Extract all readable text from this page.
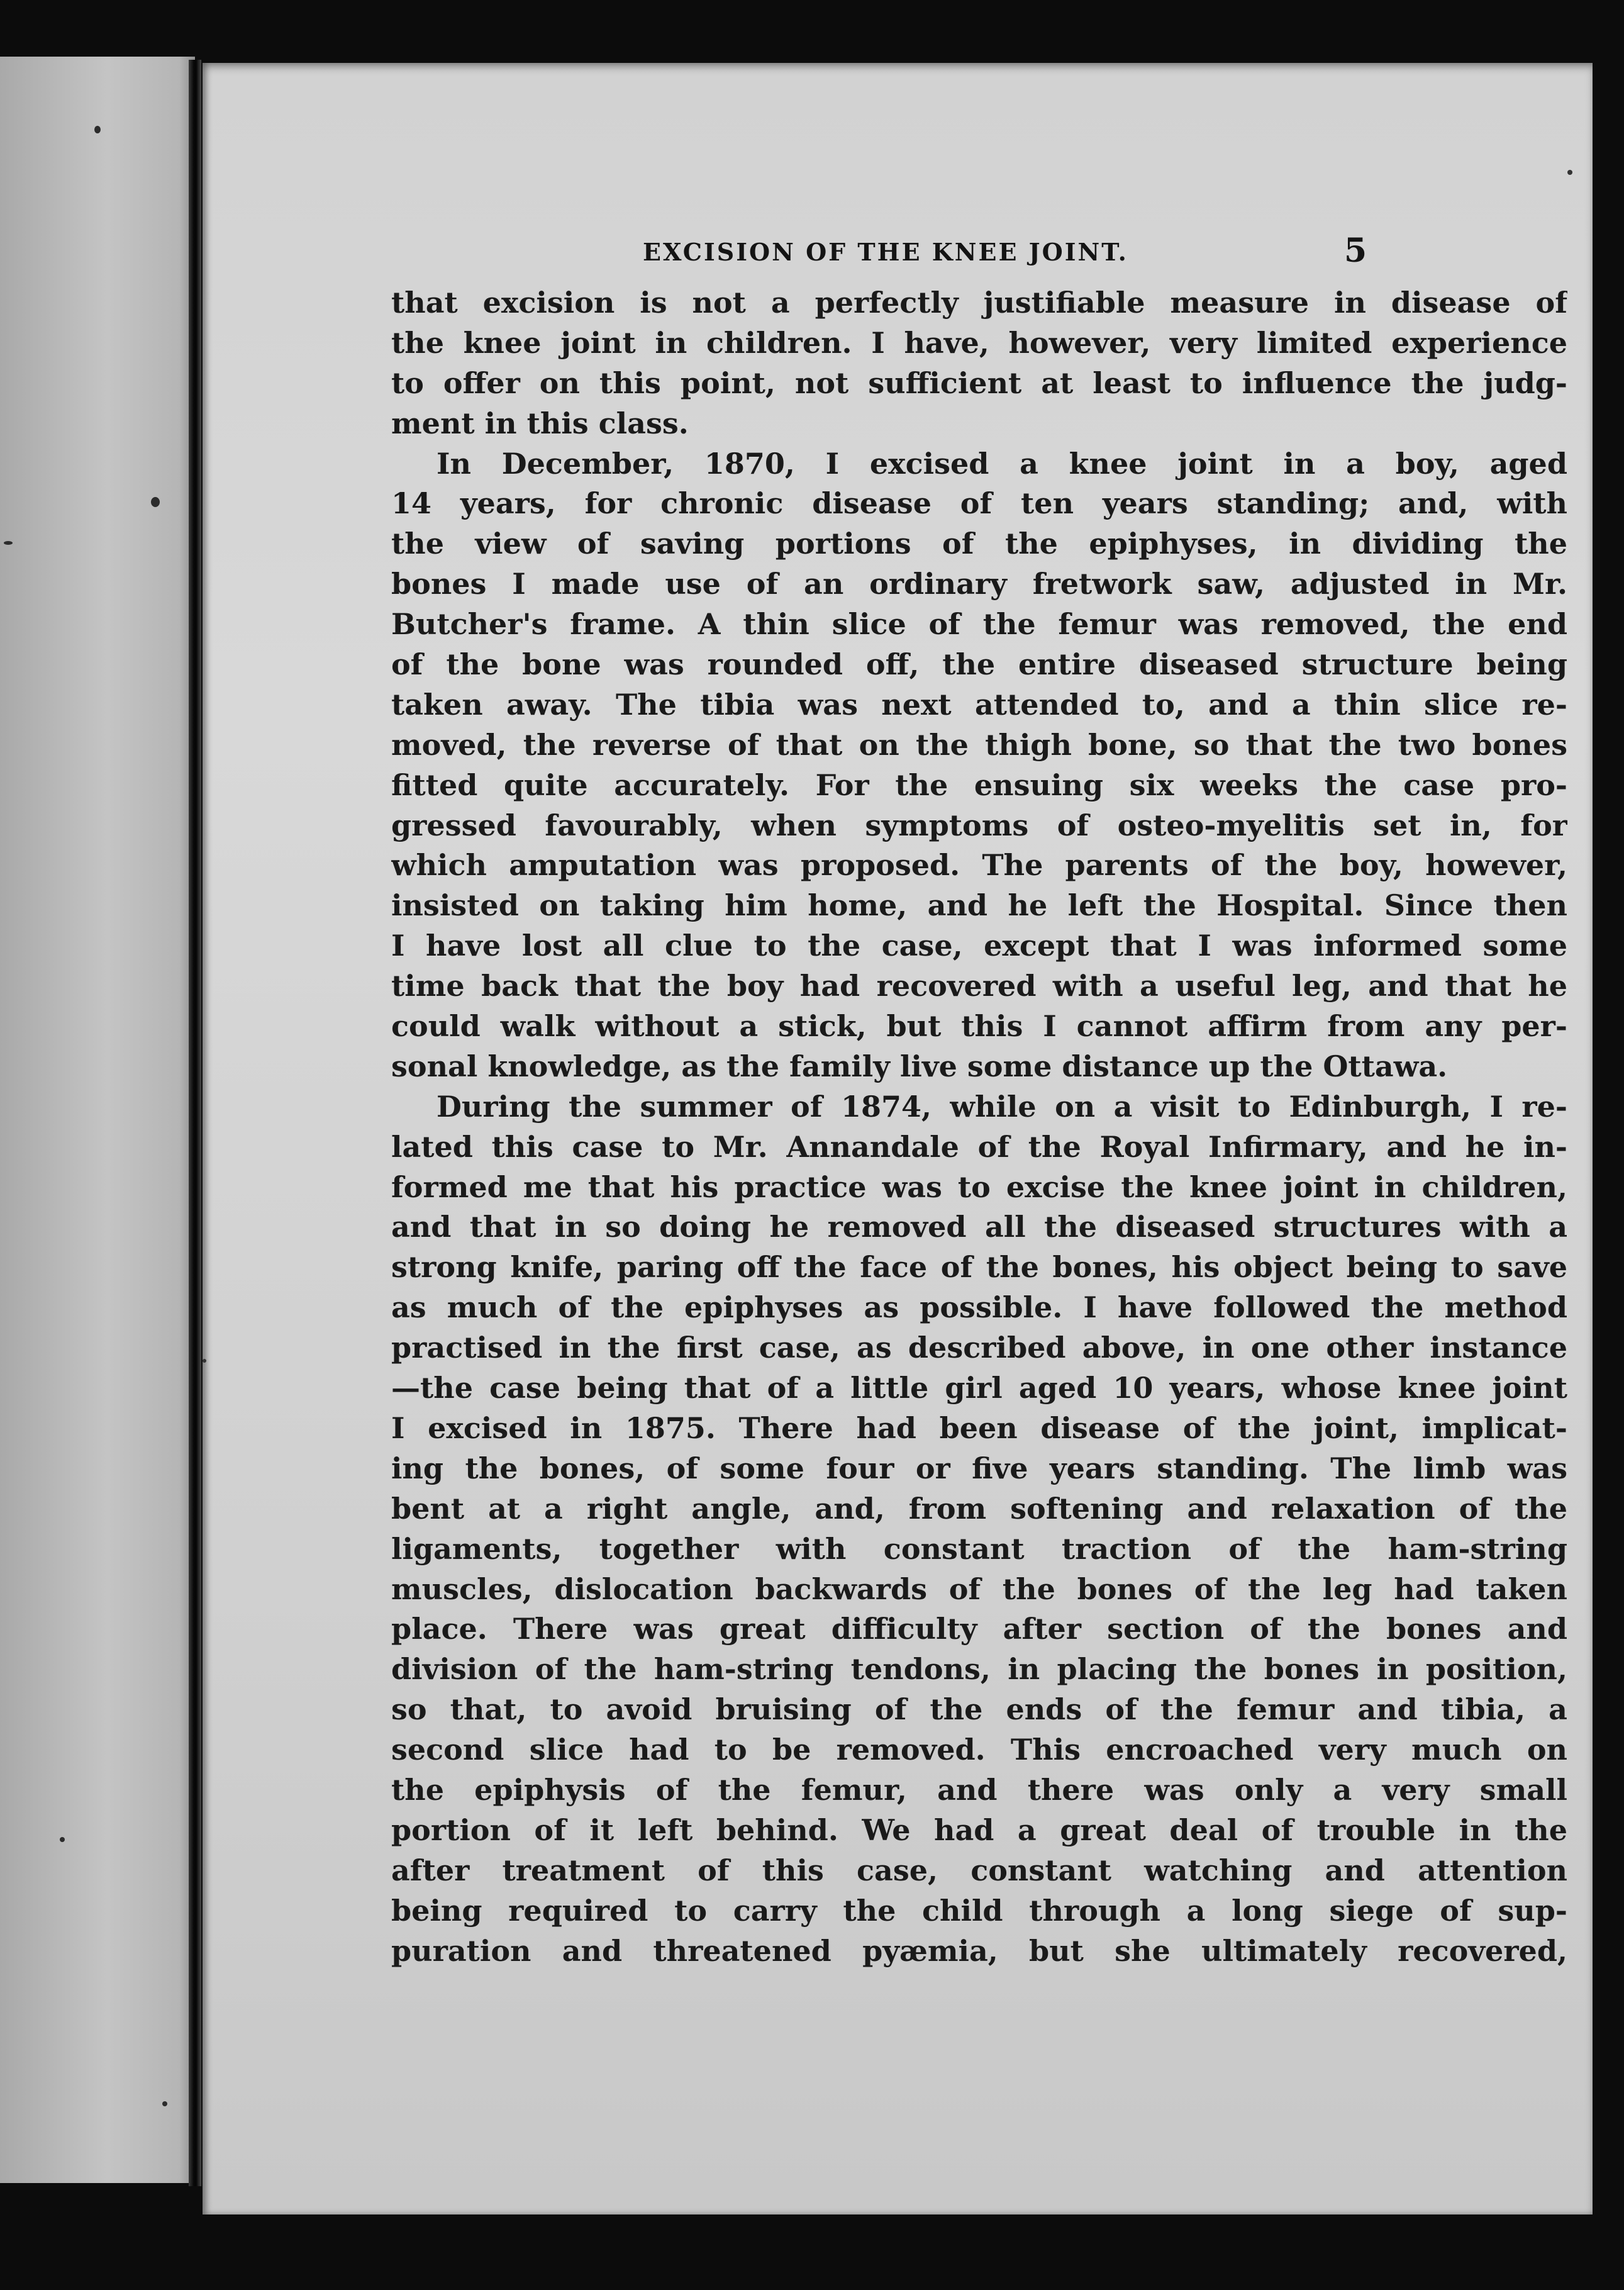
EXCISION OF THE KNEE JOINT.	5
that excision is not a perfectly justifiable measure in disease of
the knee joint in children. I have, however, very limited experience
to offer on this point, not sufficient at least to influence the judg-
ment in this class.
In December, 1870, I excised a knee joint in a boy, aged
14 years, for chronic disease of ten years standing; and, with
the view of saving portions of the epiphyses, in dividing the
bones I made use of an ordinary fretwork saw, adjusted in Mr.
Butcher's frame. A thin slice of the femur was removed, the end
of the bone was rounded off, the entire diseased structure being
taken away. The tibia was next attended to, and a thin slice re-
moved, the reverse of that on the thigh bone, so that the two bones
fitted quite accurately. For the ensuing six weeks the case pro-
gressed favourably, when symptoms of osteo-myelitis set in, for
which amputation was proposed. The parents of the boy, however,
insisted on taking him home, and he left the Hospital. Since then
I have lost all clue to the case, except that I was informed some
time back that the boy had recovered with a useful leg, and that he
could walk without a stick, but this I cannot affirm from any per-
sonal knowledge, as the family live some distance up the Ottawa.
During the summer of 1874, while on a visit to Edinburgh, I re-
lated this case to Mr. Annandale of the Royal Infirmary, and he in-
formed me that his practice was to excise the knee joint in children,
and that in so doing he removed all the diseased structures with a
strong knife, paring off the face of the bones, his object being to save
as much of the epiphyses as possible. I have followed the method
practised in the first case, as described above, in one other instance
—the case being that of a little girl aged 10 years, whose knee joint
I excised in 1875. There had been disease of the joint, implicat-
ing the bones, of some four or five years standing. The limb was
bent at a right angle, and, from softening and relaxation of the
ligaments, together with constant traction of the ham-string
muscles, dislocation backwards of the bones of the leg had taken
place. There was great difficulty after section of the bones and
division of the ham-string tendons, in placing the bones in position,
so that, to avoid bruising of the ends of the femur and tibia, a
second slice had to be removed. This encroached very much on
the epiphysis of the femur, and there was only a very small
portion of it left behind. We had a great deal of trouble in the
after treatment of this case, constant watching and attention
being required to carry the child through a long siege of sup-
puration and threatened pyæmia, but she ultimately recovered,
